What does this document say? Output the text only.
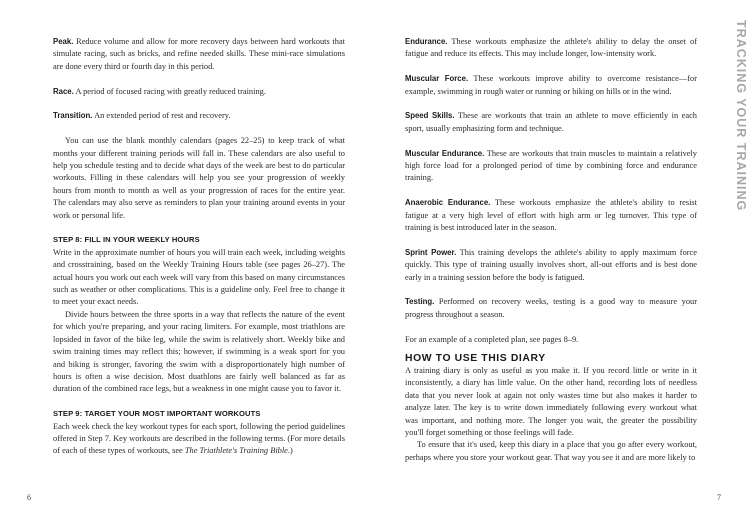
Peak. Reduce volume and allow for more recovery days between hard workouts that simulate racing, such as bricks, and refine needed skills. These mini-race simulations are done every third or fourth day in this period.

Race. A period of focused racing with greatly reduced training.

Transition. An extended period of rest and recovery.

You can use the blank monthly calendars (pages 22–25) to keep track of what months your different training periods will fall in. These calendars are also useful to help you schedule testing and to decide what days of the week are best to do particular workouts. Filling in these calendars will help you see your progression of weekly hours from month to month as well as your progression of races for the entire year. The calendars may also serve as reminders to plan your training around events in your work or personal life.

STEP 8: FILL IN YOUR WEEKLY HOURS

Write in the approximate number of hours you will train each week, including weights and crosstraining, based on the Weekly Training Hours table (see pages 26–27). The actual hours you work out each week will vary from this based on many circumstances such as weather or other complications. This is a guideline only. Feel free to change it to meet your exact needs.

Divide hours between the three sports in a way that reflects the nature of the event for which you're preparing, and your racing limiters. For example, most triathlons are lopsided in favor of the bike leg, while the swim is relatively short. Weekly bike and swim training times may reflect this; however, if swimming is a weak sport for you and biking is stronger, favoring the swim with a disproportionately high number of hours is often a wise decision. Most duathlons are fairly well balanced as far as duration of the combined race legs, but a weakness in one might cause you to favor it.

STEP 9: TARGET YOUR MOST IMPORTANT WORKOUTS

Each week check the key workout types for each sport, following the period guidelines offered in Step 7. Key workouts are described in the following terms. (For more details of each of these types of workouts, see The Triathlete's Training Bible.)

6

Endurance. These workouts emphasize the athlete's ability to delay the onset of fatigue and reduce its effects. This may include longer, low-intensity work.

Muscular Force. These workouts improve ability to overcome resistance—for example, swimming in rough water or running or biking on hills or in the wind.

Speed Skills. These are workouts that train an athlete to move efficiently in each sport, usually emphasizing form and technique.

Muscular Endurance. These are workouts that train muscles to maintain a relatively high force load for a prolonged period of time by combining force and endurance training.

Anaerobic Endurance. These workouts emphasize the athlete's ability to resist fatigue at a very high level of effort with high arm or leg turnover. This type of training is best introduced later in the season.

Sprint Power. This training develops the athlete's ability to apply maximum force quickly. This type of training usually involves short, all-out efforts and is best done early in a training session before the body is fatigued.

Testing. Performed on recovery weeks, testing is a good way to measure your progress throughout a season.

For an example of a completed plan, see pages 8–9.

HOW TO USE THIS DIARY

A training diary is only as useful as you make it. If you record little or write in it inconsistently, a diary has little value. On the other hand, recording lots of needless data that you never look at again not only wastes time but also makes it harder to analyze later. The key is to write down immediately following every workout what was important, and nothing more. The longer you wait, the greater the possibility you'll forget something or those feelings will fade.

To ensure that it's used, keep this diary in a place that you go after every workout, perhaps where you store your workout gear. That way you see it and are more likely to

TRACKING YOUR TRAINING
7
